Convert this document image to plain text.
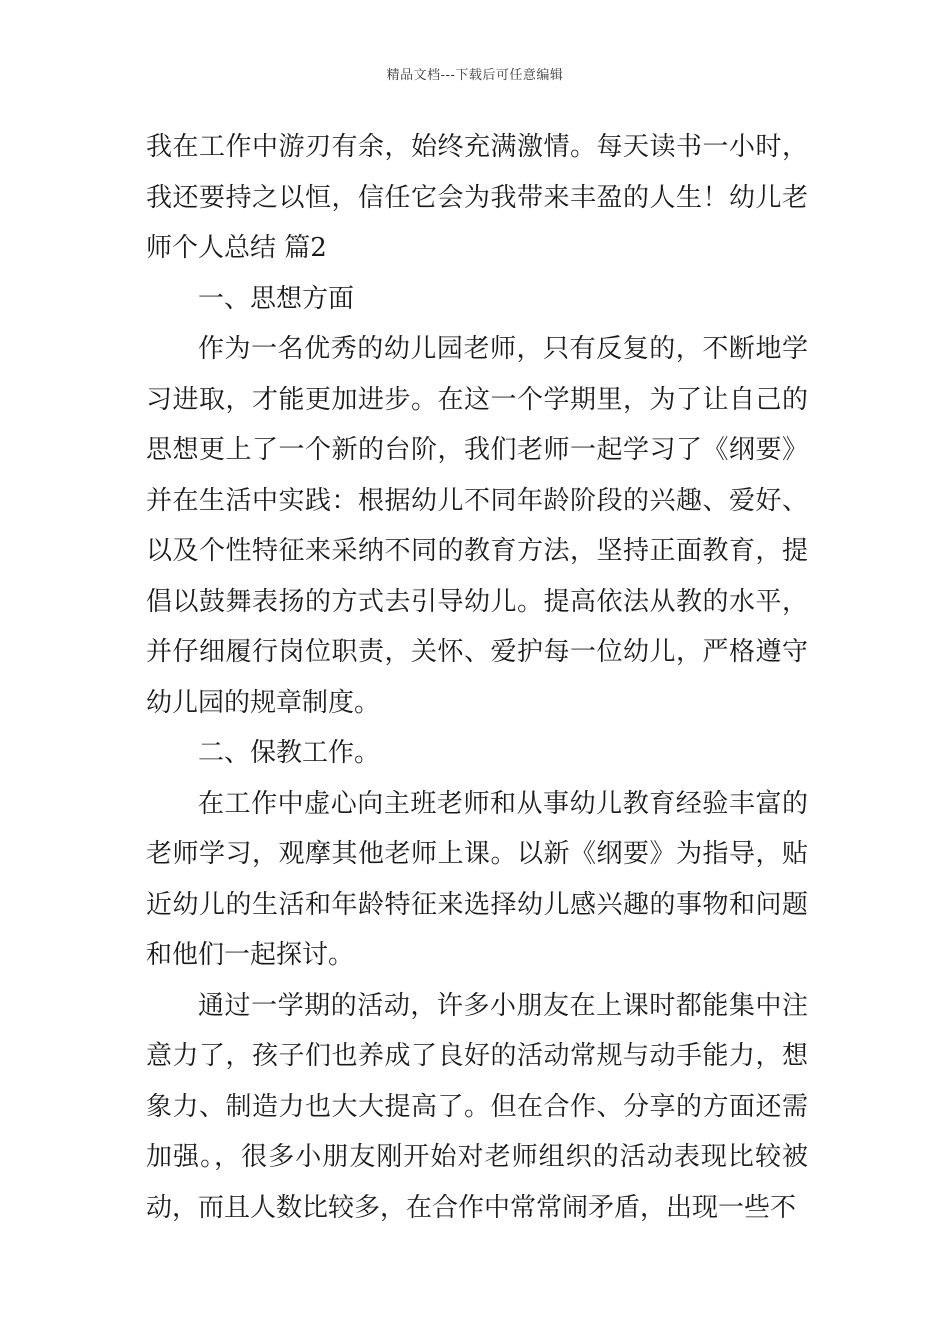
精品文档---下载后可任意编辑

我在工作中游刃有余，始终充满激情。每天读书一小时，我还要持之以恒，信任它会为我带来丰盈的人生！幼儿老师个人总结 篇2

一、思想方面

作为一名优秀的幼儿园老师，只有反复的，不断地学习进取，才能更加进步。在这一个学期里，为了让自己的思想更上了一个新的台阶，我们老师一起学习了《纲要》并在生活中实践：根据幼儿不同年龄阶段的兴趣、爱好、以及个性特征来采纳不同的教育方法，坚持正面教育，提倡以鼓舞表扬的方式去引导幼儿。提高依法从教的水平，并仔细履行岗位职责，关怀、爱护每一位幼儿，严格遵守幼儿园的规章制度。

二、保教工作。

在工作中虚心向主班老师和从事幼儿教育经验丰富的老师学习，观摩其他老师上课。以新《纲要》为指导，贴近幼儿的生活和年龄特征来选择幼儿感兴趣的事物和问题和他们一起探讨。

通过一学期的活动，许多小朋友在上课时都能集中注意力了，孩子们也养成了良好的活动常规与动手能力，想象力、制造力也大大提高了。但在合作、分享的方面还需加强。，很多小朋友刚开始对老师组织的活动表现比较被动，而且人数比较多，在合作中常常闹矛盾，出现一些不
